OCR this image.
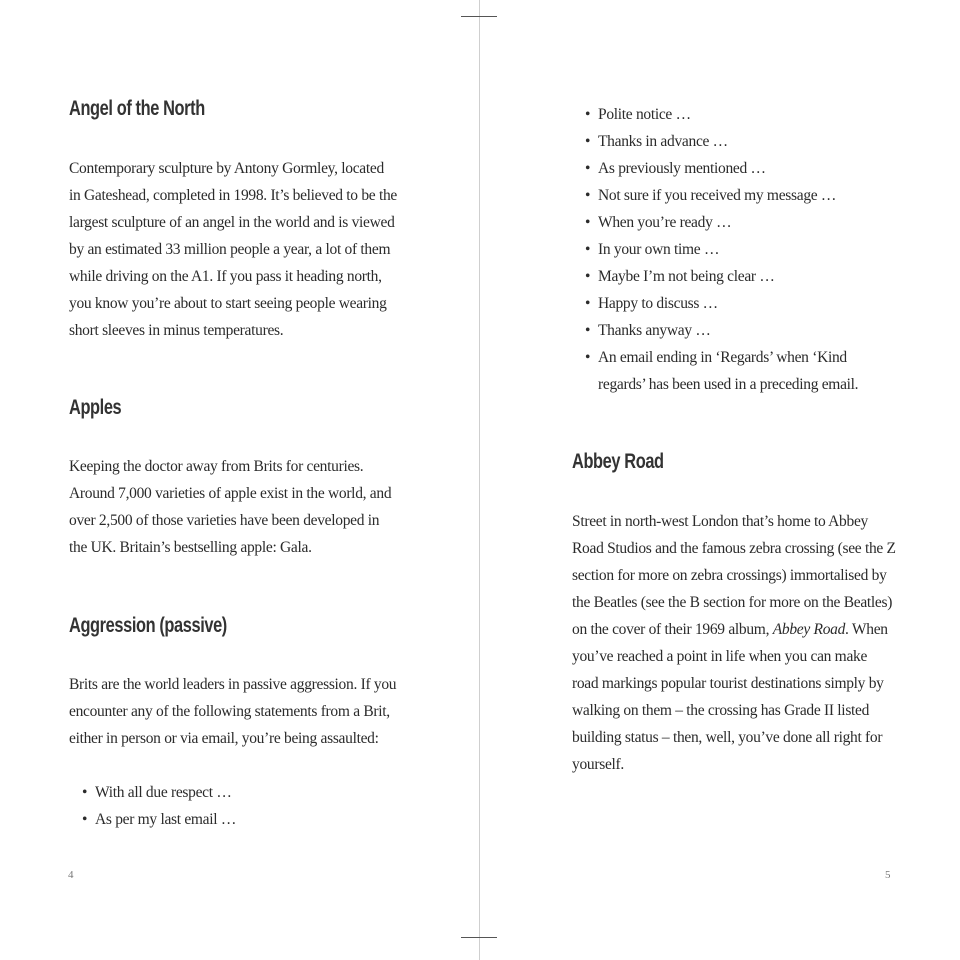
Angel of the North

Contemporary sculpture by Antony Gormley, located
in Gateshead, completed in 1998. It’s believed to be the
largest sculpture of an angel in the world and is viewed
by an estimated 33 million people a year, a lot of them
while driving on the A1. If you pass it heading north,
you know you’re about to start seeing people wearing
short sleeves in minus temperatures.

Apples

Keeping the doctor away from Brits for centuries.
Around 7,000 varieties of apple exist in the world, and
over 2,500 of those varieties have been developed in
the UK. Britain’s bestselling apple: Gala.

Aggression (passive)

Brits are the world leaders in passive aggression. If you
encounter any of the following statements from a Brit,
either in person or via email, you’re being assaulted:

• With all due respect …
• As per my last email …
4
• Polite notice …
• Thanks in advance …
• As previously mentioned …
• Not sure if you received my message …
• When you’re ready …
• In your own time …
• Maybe I’m not being clear …
• Happy to discuss …
• Thanks anyway …
• An email ending in ‘Regards’ when ‘Kind
regards’ has been used in a preceding email.
Abbey Road

Street in north-west London that’s home to Abbey
Road Studios and the famous zebra crossing (see the Z
section for more on zebra crossings) immortalised by
the Beatles (see the B section for more on the Beatles)
on the cover of their 1969 album, Abbey Road. When
you’ve reached a point in life when you can make
road markings popular tourist destinations simply by
walking on them – the crossing has Grade II listed
building status – then, well, you’ve done all right for
yourself.

5
